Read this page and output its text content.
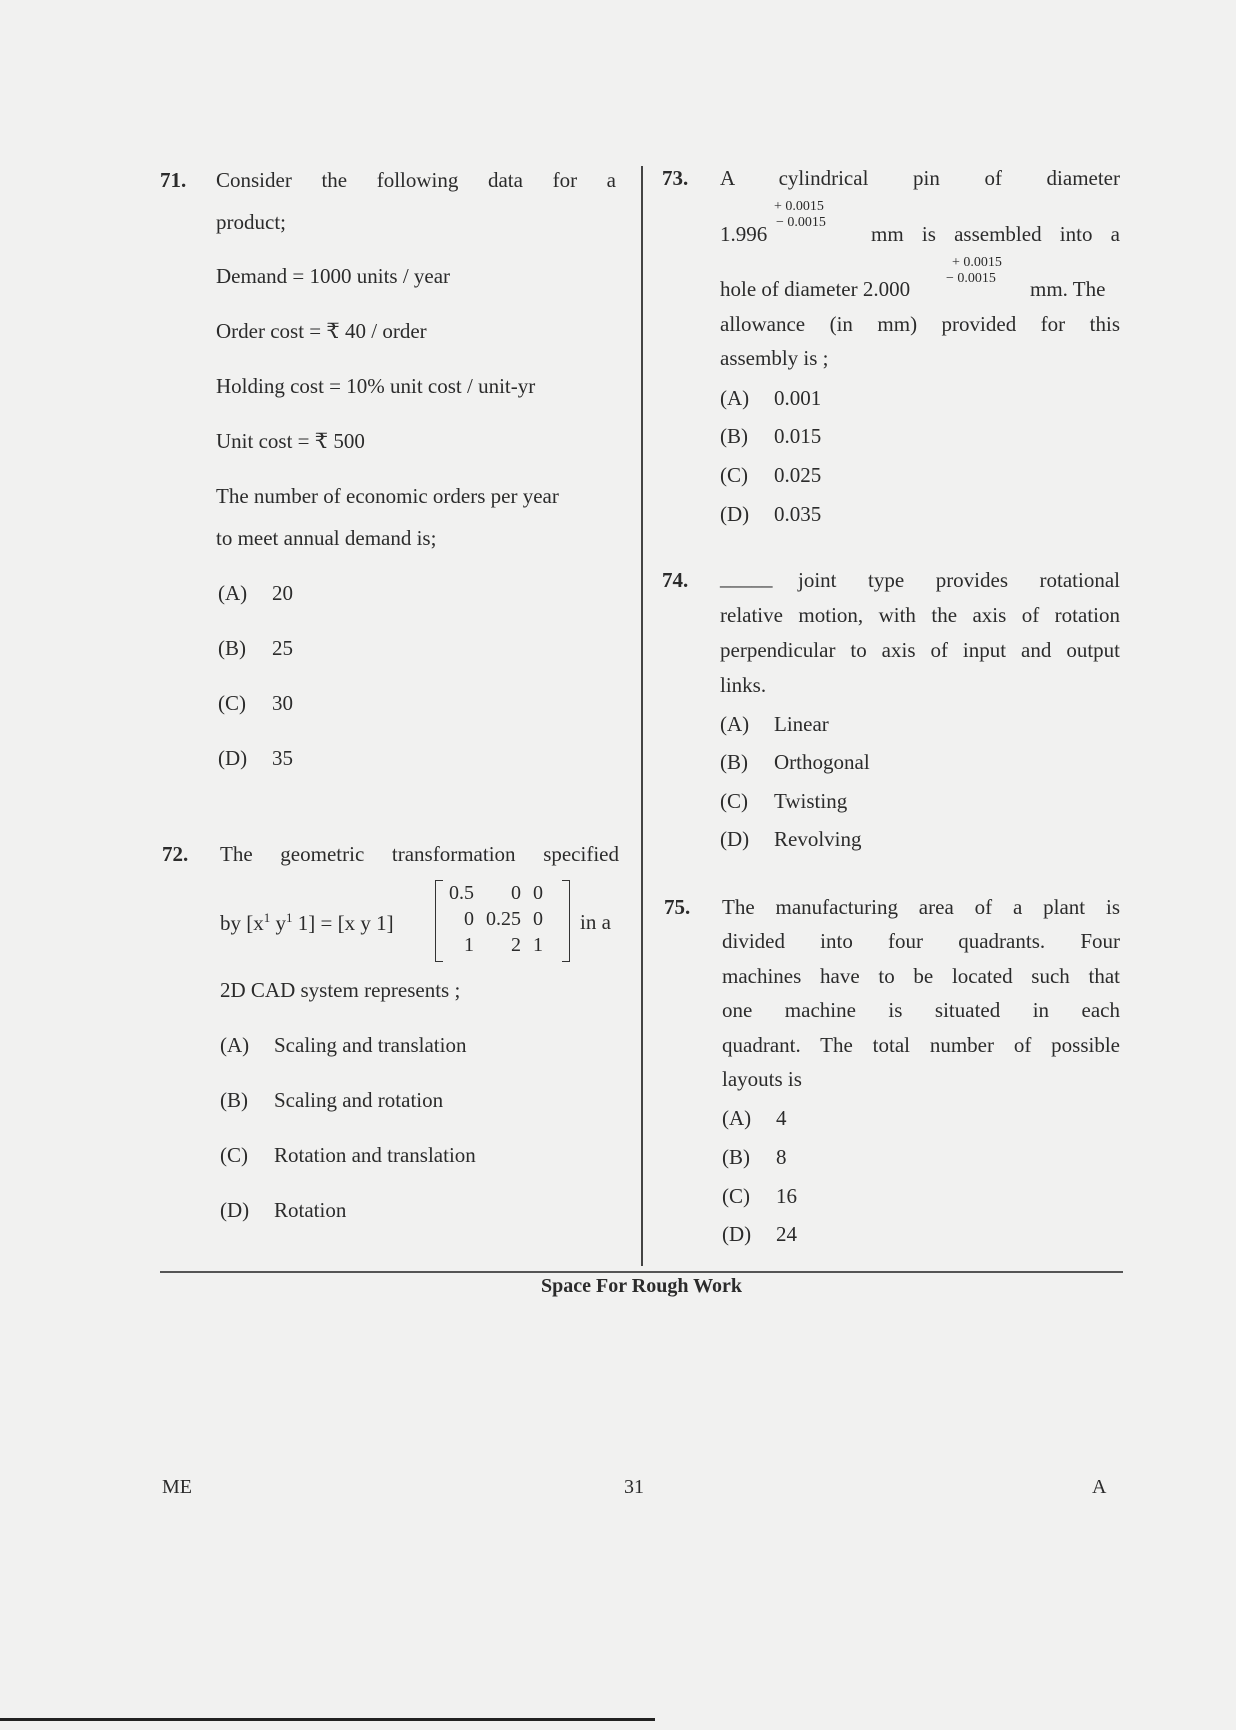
71. Consider the following data for a
product;
Demand = 1000 units / year
Order cost = ₹ 40 / order
Holding cost = 10% unit cost / unit-yr
Unit cost = ₹ 500
The number of economic orders per year
to meet annual demand is;
(A) 20
(B) 25
(C) 30
(D) 35
72. The geometric transformation specified
by [$x^1$ $y^1$ 1] = [x y 1]
0.5	0	0
0	0.25	0
1	2	1
in a
2D CAD system represents ;
(A) Scaling and translation
(B) Scaling and rotation
(C) Rotation and translation
(D) Rotation
73. A cylindrical pin of diameter
+ 0.0015
1.996 − 0.0015 mm is assembled into a
+ 0.0015
hole of diameter 2.000	− 0.0015 mm. The
allowance (in mm) provided for this
assembly is ;
(A) 0.001
(B) 0.015
(C) 0.025
(D) 0.035
74. _____ joint type provides rotational
relative motion, with the axis of rotation
perpendicular to axis of input and output
links.
(A) Linear
(B) Orthogonal
(C) Twisting
(D) Revolving
75. The manufacturing area of a plant is
divided into four quadrants. Four
machines have to be located such that
one machine is situated in each
quadrant. The total number of possible
layouts is
(A) 4
(B) 8
(C) 16
(D) 24
Space For Rough Work
ME	31	A
